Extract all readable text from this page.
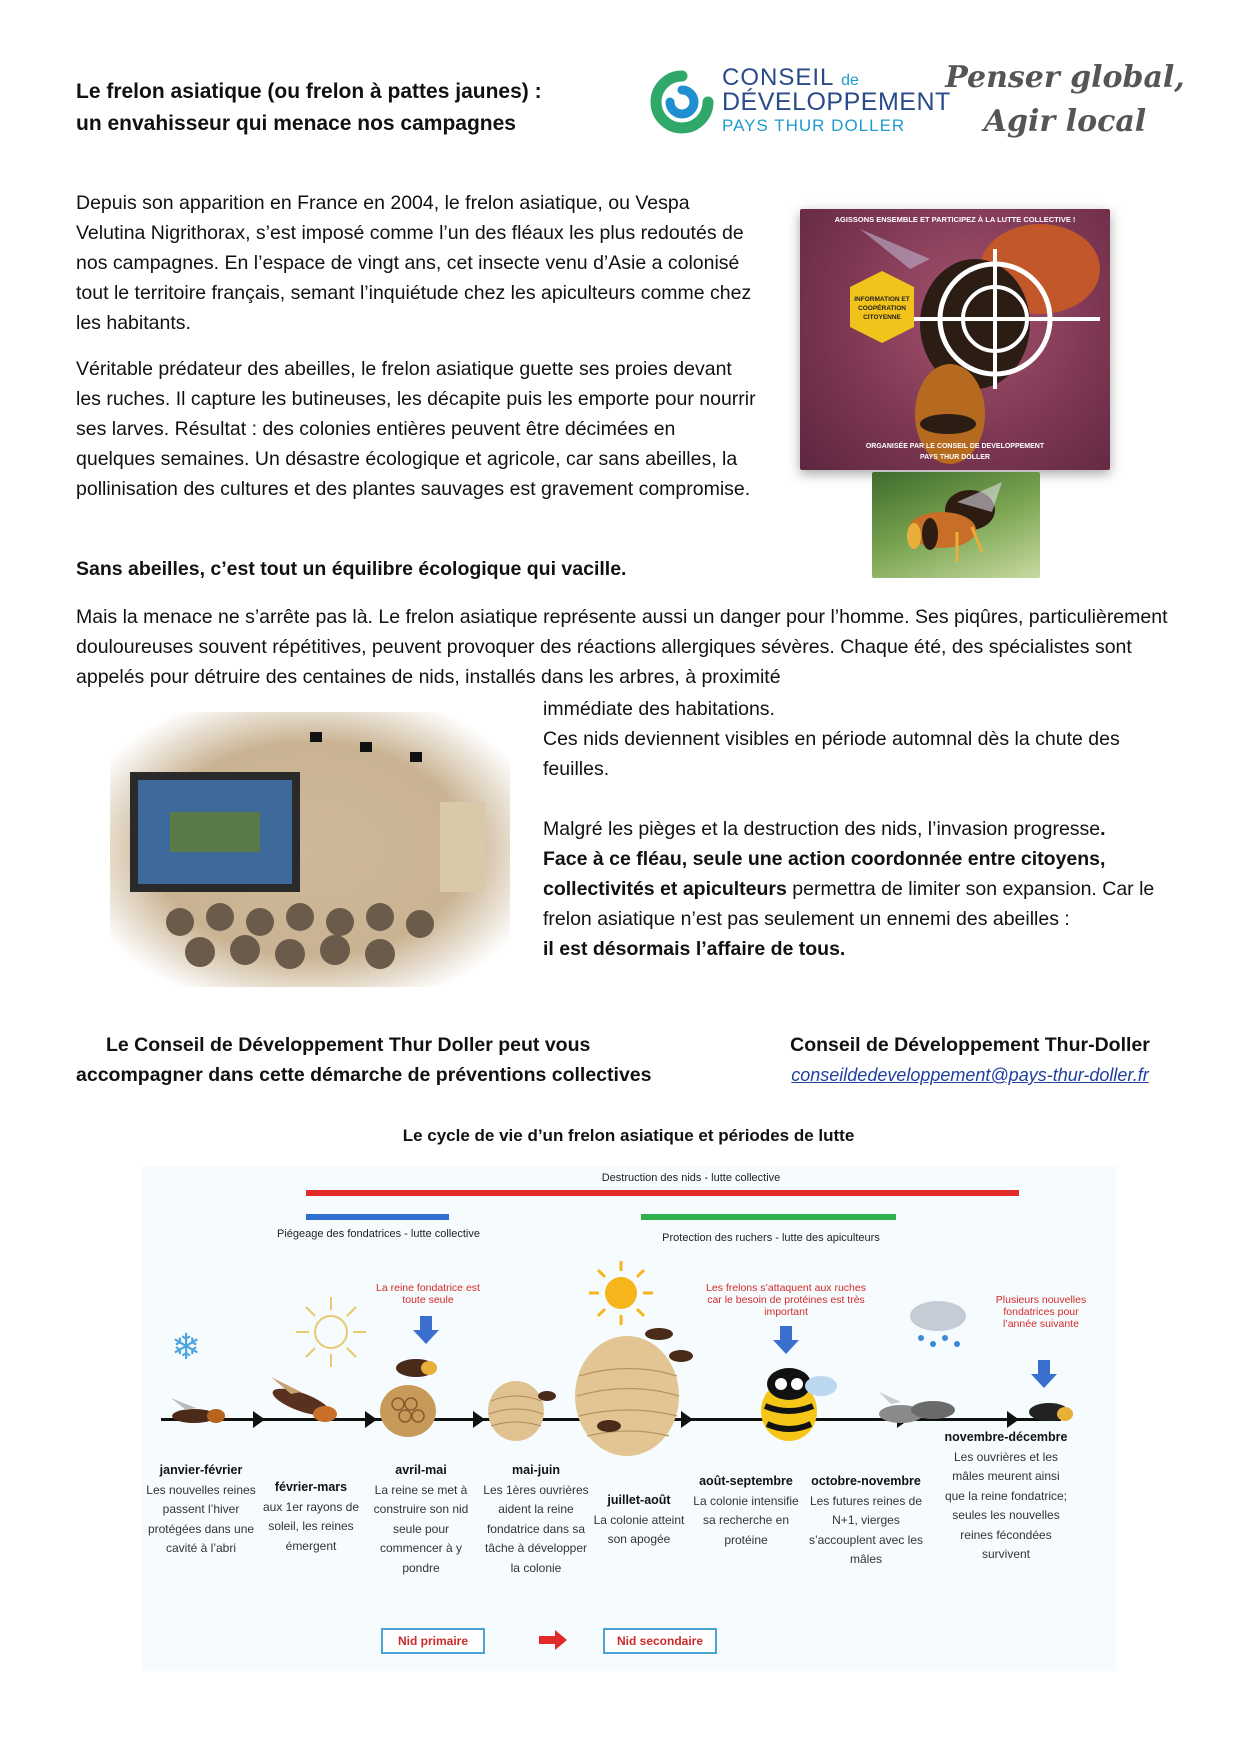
Le frelon asiatique (ou frelon à pattes jaunes) :
un envahisseur qui menace nos campagnes
CONSEIL de
DÉVELOPPEMENT
PAYS THUR DOLLER
Penser global,
Agir local
Depuis son apparition en France en 2004, le frelon asiatique, ou Vespa Velutina Nigrithorax, s’est imposé comme l’un des fléaux les plus redoutés de nos campagnes. En l’espace de vingt ans, cet insecte venu d’Asie a colonisé tout le territoire français, semant l’inquiétude chez les apiculteurs comme chez les habitants.
Véritable prédateur des abeilles, le frelon asiatique guette ses proies devant les ruches. Il capture les butineuses, les décapite puis les emporte pour nourrir ses larves. Résultat : des colonies entières peuvent être décimées en quelques semaines. Un désastre écologique et agricole, car sans abeilles, la pollinisation des cultures et des plantes sauvages est gravement compromise.
Sans abeilles, c’est tout un équilibre écologique qui vacille.
Mais la menace ne s’arrête pas là. Le frelon asiatique représente aussi un danger pour l’homme. Ses piqûres, particulièrement douloureuses souvent répétitives, peuvent provoquer des réactions allergiques sévères. Chaque été, des spécialistes sont appelés pour détruire des centaines de nids, installés dans les arbres, à proximité
immédiate des habitations.
Ces nids deviennent visibles en période automnal dès la chute des feuilles.
Malgré les pièges et la destruction des nids, l’invasion progresse.
Face à ce fléau, seule une action coordonnée entre citoyens, collectivités et apiculteurs permettra de limiter son expansion. Car le frelon asiatique n’est pas seulement un ennemi des abeilles :
il est désormais l’affaire de tous.
AGISSONS ENSEMBLE ET PARTICIPEZ À LA LUTTE COLLECTIVE !
INFORMATION ET COOPÉRATION CITOYENNE
ORGANISÉE PAR LE CONSEIL DE DEVELOPPEMENT
PAYS THUR DOLLER
Le Conseil de Développement Thur Doller peut vous
accompagner dans cette démarche de préventions collectives
Conseil de Développement Thur-Doller
conseildedeveloppement@pays-thur-doller.fr
Le cycle de vie d’un frelon asiatique et périodes de lutte
Destruction des nids - lutte collective
Piégeage des fondatrices - lutte collective	Protection des ruchers - lutte des apiculteurs
La reine fondatrice est toute seule
Les frelons s’attaquent aux ruches car le besoin de protéines est très important
Plusieurs nouvelles fondatrices pour l’année suivante
❄
janvier-février
Les nouvelles reines passent l’hiver protégées dans une cavité à l’abri
février-mars
aux 1er rayons de soleil, les reines émergent
avril-mai
La reine se met à construire son nid seule pour commencer à y pondre
mai-juin
Les 1ères ouvrières aident la reine fondatrice dans sa tâche à développer la colonie
juillet-août
La colonie atteint son apogée
août-septembre
La colonie intensifie sa recherche en protéine
octobre-novembre
Les futures reines de N+1, vierges s’accouplent avec les mâles
novembre-décembre
Les ouvrières et les mâles meurent ainsi que la reine fondatrice; seules les nouvelles reines fécondées survivent
Nid primaire	Nid secondaire
